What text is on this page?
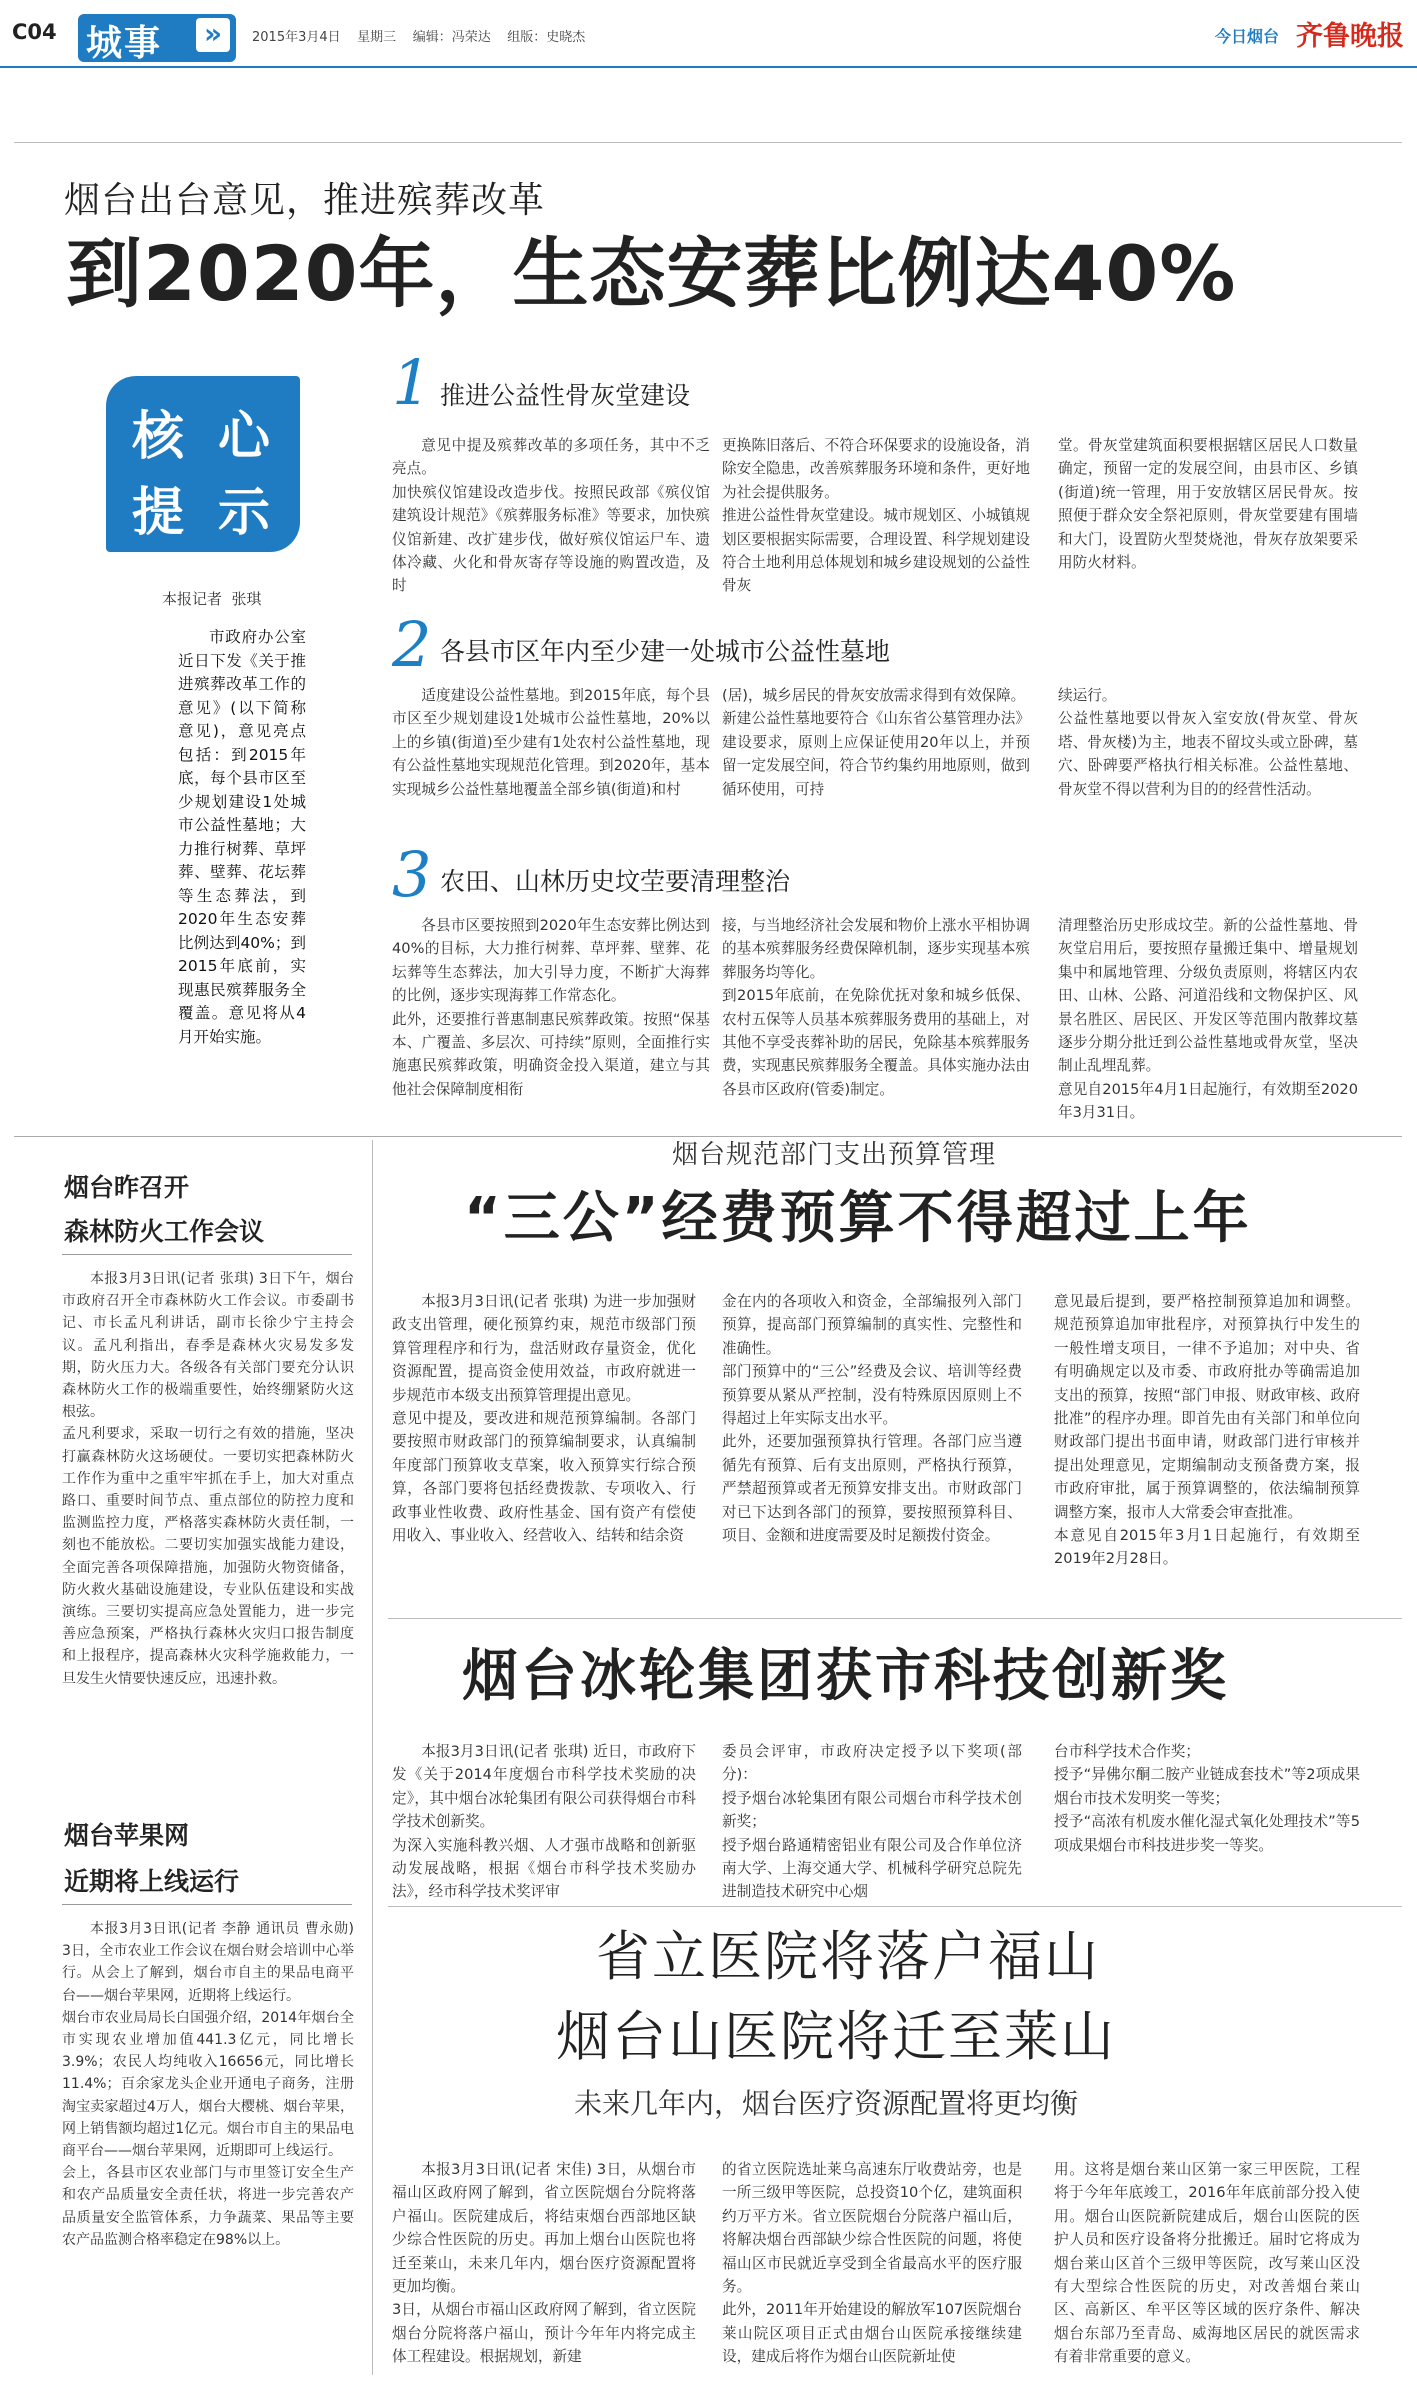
C04 城事 »	2015年3月4日 星期三 编辑：冯荣达 组版：史晓杰	今日烟台 齐鲁晚报
烟台出台意见，推进殡葬改革
到2020年，生态安葬比例达40%
核 心
提 示
本报记者  张琪
市政府办公室近日下发《关于推进殡葬改革工作的意见》(以下简称意见)，意见亮点包括：到2015年底，每个县市区至少规划建设1处城市公益性墓地；大力推行树葬、草坪葬、壁葬、花坛葬等生态葬法，到2020年生态安葬比例达到40%；到2015年底前，实现惠民殡葬服务全覆盖。意见将从4月开始实施。
1 推进公益性骨灰堂建设
意见中提及殡葬改革的多项任务，其中不乏亮点。
加快殡仪馆建设改造步伐。按照民政部《殡仪馆建筑设计规范》《殡葬服务标准》等要求，加快殡仪馆新建、改扩建步伐，做好殡仪馆运尸车、遗体冷藏、火化和骨灰寄存等设施的购置改造，及时
更换陈旧落后、不符合环保要求的设施设备，消除安全隐患，改善殡葬服务环境和条件，更好地为社会提供服务。
推进公益性骨灰堂建设。城市规划区、小城镇规划区要根据实际需要，合理设置、科学规划建设符合土地利用总体规划和城乡建设规划的公益性骨灰
堂。骨灰堂建筑面积要根据辖区居民人口数量确定，预留一定的发展空间，由县市区、乡镇(街道)统一管理，用于安放辖区居民骨灰。按照便于群众安全祭祀原则，骨灰堂要建有围墙和大门，设置防火型焚烧池，骨灰存放架要采用防火材料。
2 各县市区年内至少建一处城市公益性墓地
适度建设公益性墓地。到2015年底，每个县市区至少规划建设1处城市公益性墓地，20%以上的乡镇(街道)至少建有1处农村公益性墓地，现有公益性墓地实现规范化管理。到2020年，基本实现城乡公益性墓地覆盖全部乡镇(街道)和村
(居)，城乡居民的骨灰安放需求得到有效保障。
新建公益性墓地要符合《山东省公墓管理办法》建设要求，原则上应保证使用20年以上，并预留一定发展空间，符合节约集约用地原则，做到循环使用，可持
续运行。
公益性墓地要以骨灰入室安放(骨灰堂、骨灰塔、骨灰楼)为主，地表不留坟头或立卧碑，墓穴、卧碑要严格执行相关标准。公益性墓地、骨灰堂不得以营利为目的的经营性活动。
3 农田、山林历史坟茔要清理整治
各县市区要按照到2020年生态安葬比例达到40%的目标，大力推行树葬、草坪葬、壁葬、花坛葬等生态葬法，加大引导力度，不断扩大海葬的比例，逐步实现海葬工作常态化。
此外，还要推行普惠制惠民殡葬政策。按照“保基本、广覆盖、多层次、可持续”原则，全面推行实施惠民殡葬政策，明确资金投入渠道，建立与其他社会保障制度相衔
接，与当地经济社会发展和物价上涨水平相协调的基本殡葬服务经费保障机制，逐步实现基本殡葬服务均等化。
到2015年底前，在免除优抚对象和城乡低保、农村五保等人员基本殡葬服务费用的基础上，对其他不享受丧葬补助的居民，免除基本殡葬服务费，实现惠民殡葬服务全覆盖。具体实施办法由各县市区政府(管委)制定。
清理整治历史形成坟茔。新的公益性墓地、骨灰堂启用后，要按照存量搬迁集中、增量规划集中和属地管理、分级负责原则，将辖区内农田、山林、公路、河道沿线和文物保护区、风景名胜区、居民区、开发区等范围内散葬坟墓逐步分期分批迁到公益性墓地或骨灰堂，坚决制止乱埋乱葬。
意见自2015年4月1日起施行，有效期至2020年3月31日。
烟台昨召开
森林防火工作会议
本报3月3日讯(记者 张琪) 3日下午，烟台市政府召开全市森林防火工作会议。市委副书记、市长孟凡利讲话，副市长徐少宁主持会议。孟凡利指出，春季是森林火灾易发多发期，防火压力大。各级各有关部门要充分认识森林防火工作的极端重要性，始终绷紧防火这根弦。
孟凡利要求，采取一切行之有效的措施，坚决打赢森林防火这场硬仗。一要切实把森林防火工作作为重中之重牢牢抓在手上，加大对重点路口、重要时间节点、重点部位的防控力度和监测监控力度，严格落实森林防火责任制，一刻也不能放松。二要切实加强实战能力建设，全面完善各项保障措施，加强防火物资储备，防火救火基础设施建设，专业队伍建设和实战演练。三要切实提高应急处置能力，进一步完善应急预案，严格执行森林火灾归口报告制度和上报程序，提高森林火灾科学施救能力，一旦发生火情要快速反应，迅速扑救。
烟台苹果网
近期将上线运行
本报3月3日讯(记者 李静 通讯员 曹永勋) 3日，全市农业工作会议在烟台财会培训中心举行。从会上了解到，烟台市自主的果品电商平台——烟台苹果网，近期将上线运行。
烟台市农业局局长白国强介绍，2014年烟台全市实现农业增加值441.3亿元，同比增长3.9%；农民人均纯收入16656元，同比增长11.4%；百余家龙头企业开通电子商务，注册淘宝卖家超过4万人，烟台大樱桃、烟台苹果，网上销售额均超过1亿元。烟台市自主的果品电商平台——烟台苹果网，近期即可上线运行。
会上，各县市区农业部门与市里签订安全生产和农产品质量安全责任状，将进一步完善农产品质量安全监管体系，力争蔬菜、果品等主要农产品监测合格率稳定在98%以上。
烟台规范部门支出预算管理
“三公”经费预算不得超过上年
本报3月3日讯(记者 张琪) 为进一步加强财政支出管理，硬化预算约束，规范市级部门预算管理程序和行为，盘活财政存量资金，优化资源配置，提高资金使用效益，市政府就进一步规范市本级支出预算管理提出意见。
意见中提及，要改进和规范预算编制。各部门要按照市财政部门的预算编制要求，认真编制年度部门预算收支草案，收入预算实行综合预算，各部门要将包括经费拨款、专项收入、行政事业性收费、政府性基金、国有资产有偿使用收入、事业收入、经营收入、结转和结余资
金在内的各项收入和资金，全部编报列入部门预算，提高部门预算编制的真实性、完整性和准确性。
部门预算中的“三公”经费及会议、培训等经费预算要从紧从严控制，没有特殊原因原则上不得超过上年实际支出水平。
此外，还要加强预算执行管理。各部门应当遵循先有预算、后有支出原则，严格执行预算，严禁超预算或者无预算安排支出。市财政部门对已下达到各部门的预算，要按照预算科目、项目、金额和进度需要及时足额拨付资金。
意见最后提到，要严格控制预算追加和调整。规范预算追加审批程序，对预算执行中发生的一般性增支项目，一律不予追加；对中央、省有明确规定以及市委、市政府批办等确需追加支出的预算，按照“部门申报、财政审核、政府批准”的程序办理。即首先由有关部门和单位向财政部门提出书面申请，财政部门进行审核并提出处理意见，定期编制动支预备费方案，报市政府审批，属于预算调整的，依法编制预算调整方案，报市人大常委会审查批准。
本意见自2015年3月1日起施行，有效期至2019年2月28日。
烟台冰轮集团获市科技创新奖
本报3月3日讯(记者 张琪) 近日，市政府下发《关于2014年度烟台市科学技术奖励的决定》，其中烟台冰轮集团有限公司获得烟台市科学技术创新奖。
为深入实施科教兴烟、人才强市战略和创新驱动发展战略，根据《烟台市科学技术奖励办法》，经市科学技术奖评审
委员会评审，市政府决定授予以下奖项(部分)：
授予烟台冰轮集团有限公司烟台市科学技术创新奖；
授予烟台路通精密铝业有限公司及合作单位济南大学、上海交通大学、机械科学研究总院先进制造技术研究中心烟
台市科学技术合作奖；
授予“异佛尔酮二胺产业链成套技术”等2项成果烟台市技术发明奖一等奖；
授予“高浓有机废水催化湿式氧化处理技术”等5项成果烟台市科技进步奖一等奖。
省立医院将落户福山
烟台山医院将迁至莱山
未来几年内，烟台医疗资源配置将更均衡
本报3月3日讯(记者 宋佳) 3日，从烟台市福山区政府网了解到，省立医院烟台分院将落户福山。医院建成后，将结束烟台西部地区缺少综合性医院的历史。再加上烟台山医院也将迁至莱山，未来几年内，烟台医疗资源配置将更加均衡。
3日，从烟台市福山区政府网了解到，省立医院烟台分院将落户福山，预计今年年内将完成主体工程建设。根据规划，新建
的省立医院选址莱乌高速东厅收费站旁，也是一所三级甲等医院，总投资10个亿，建筑面积约万平方米。省立医院烟台分院落户福山后，将解决烟台西部缺少综合性医院的问题，将使福山区市民就近享受到全省最高水平的医疗服务。
此外，2011年开始建设的解放军107医院烟台莱山院区项目正式由烟台山医院承接继续建设，建成后将作为烟台山医院新址使
用。这将是烟台莱山区第一家三甲医院，工程将于今年年底竣工，2016年年底前部分投入使用。烟台山医院新院建成后，烟台山医院的医护人员和医疗设备将分批搬迁。届时它将成为烟台莱山区首个三级甲等医院，改写莱山区没有大型综合性医院的历史，对改善烟台莱山区、高新区、牟平区等区域的医疗条件、解决烟台东部乃至青岛、威海地区居民的就医需求有着非常重要的意义。
